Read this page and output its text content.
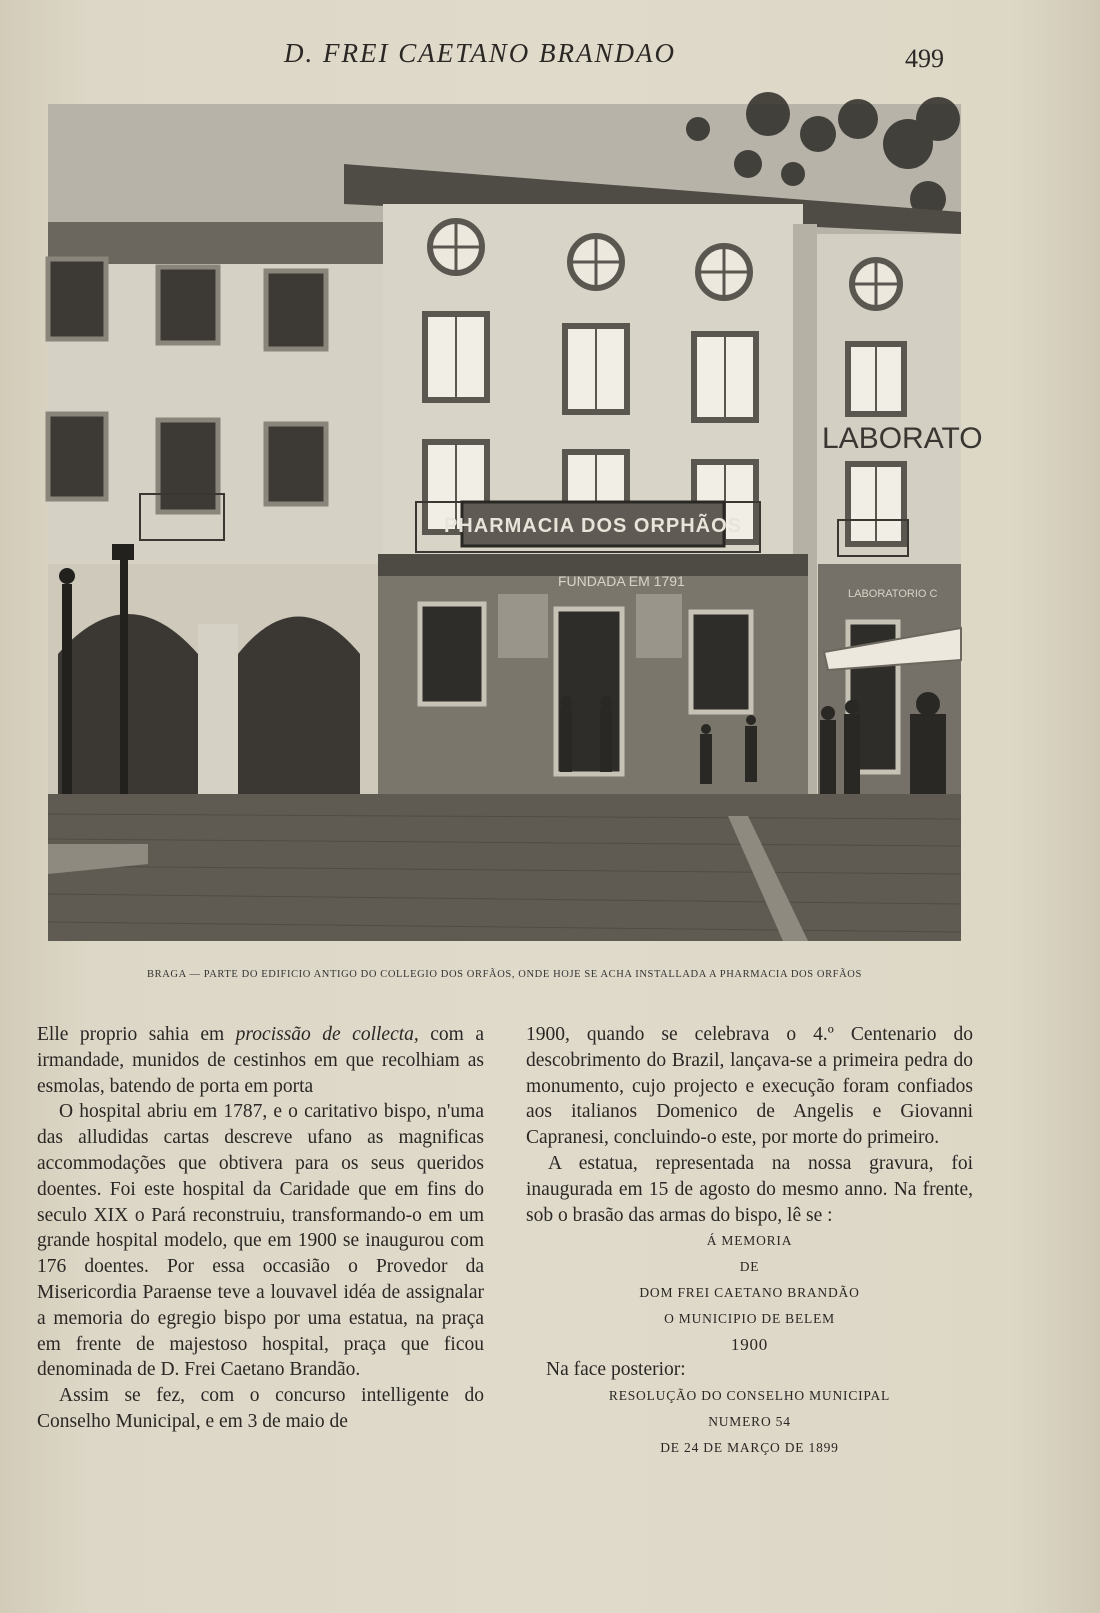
D. FREI CAETANO BRANDAO	499
PHARMACIA DOS ORPHÃOS
LABORATO
FUNDADA EM 1791
LABORATORIO C
BRAGA — PARTE DO EDIFICIO ANTIGO DO COLLEGIO DOS ORFÃOS, ONDE HOJE SE ACHA INSTALLADA A PHARMACIA DOS ORFÃOS

Elle proprio sahia em procissão de collecta, com a irmandade, munidos de cestinhos em que recolhiam as esmolas, batendo de porta em porta

O hospital abriu em 1787, e o caritativo bispo, n'uma das alludidas cartas descreve ufano as magnificas accommodações que obtivera para os seus queridos doentes. Foi este hospital da Caridade que em fins do seculo XIX o Pará reconstruiu, transformando-o em um grande hospital modelo, que em 1900 se inaugurou com 176 doentes. Por essa occasião o Provedor da Misericordia Paraense teve a louvavel idéa de assignalar a memoria do egregio bispo por uma estatua, na praça em frente de majestoso hospital, praça que ficou denominada de D. Frei Caetano Brandão.

Assim se fez, com o concurso intelligente do Conselho Municipal, e em 3 de maio de

1900, quando se celebrava o 4.º Centenario do descobrimento do Brazil, lançava-se a primeira pedra do monumento, cujo projecto e execução foram confiados aos italianos Domenico de Angelis e Giovanni Capranesi, concluindo-o este, por morte do primeiro.

A estatua, representada na nossa gravura, foi inaugurada em 15 de agosto do mesmo anno. Na frente, sob o brasão das armas do bispo, lê se :

Á MEMORIA
DE
DOM FREI CAETANO BRANDÃO
O MUNICIPIO DE BELEM
1900

Na face posterior:

RESOLUÇÃO DO CONSELHO MUNICIPAL
NUMERO 54
DE 24 DE MARÇO DE 1899
